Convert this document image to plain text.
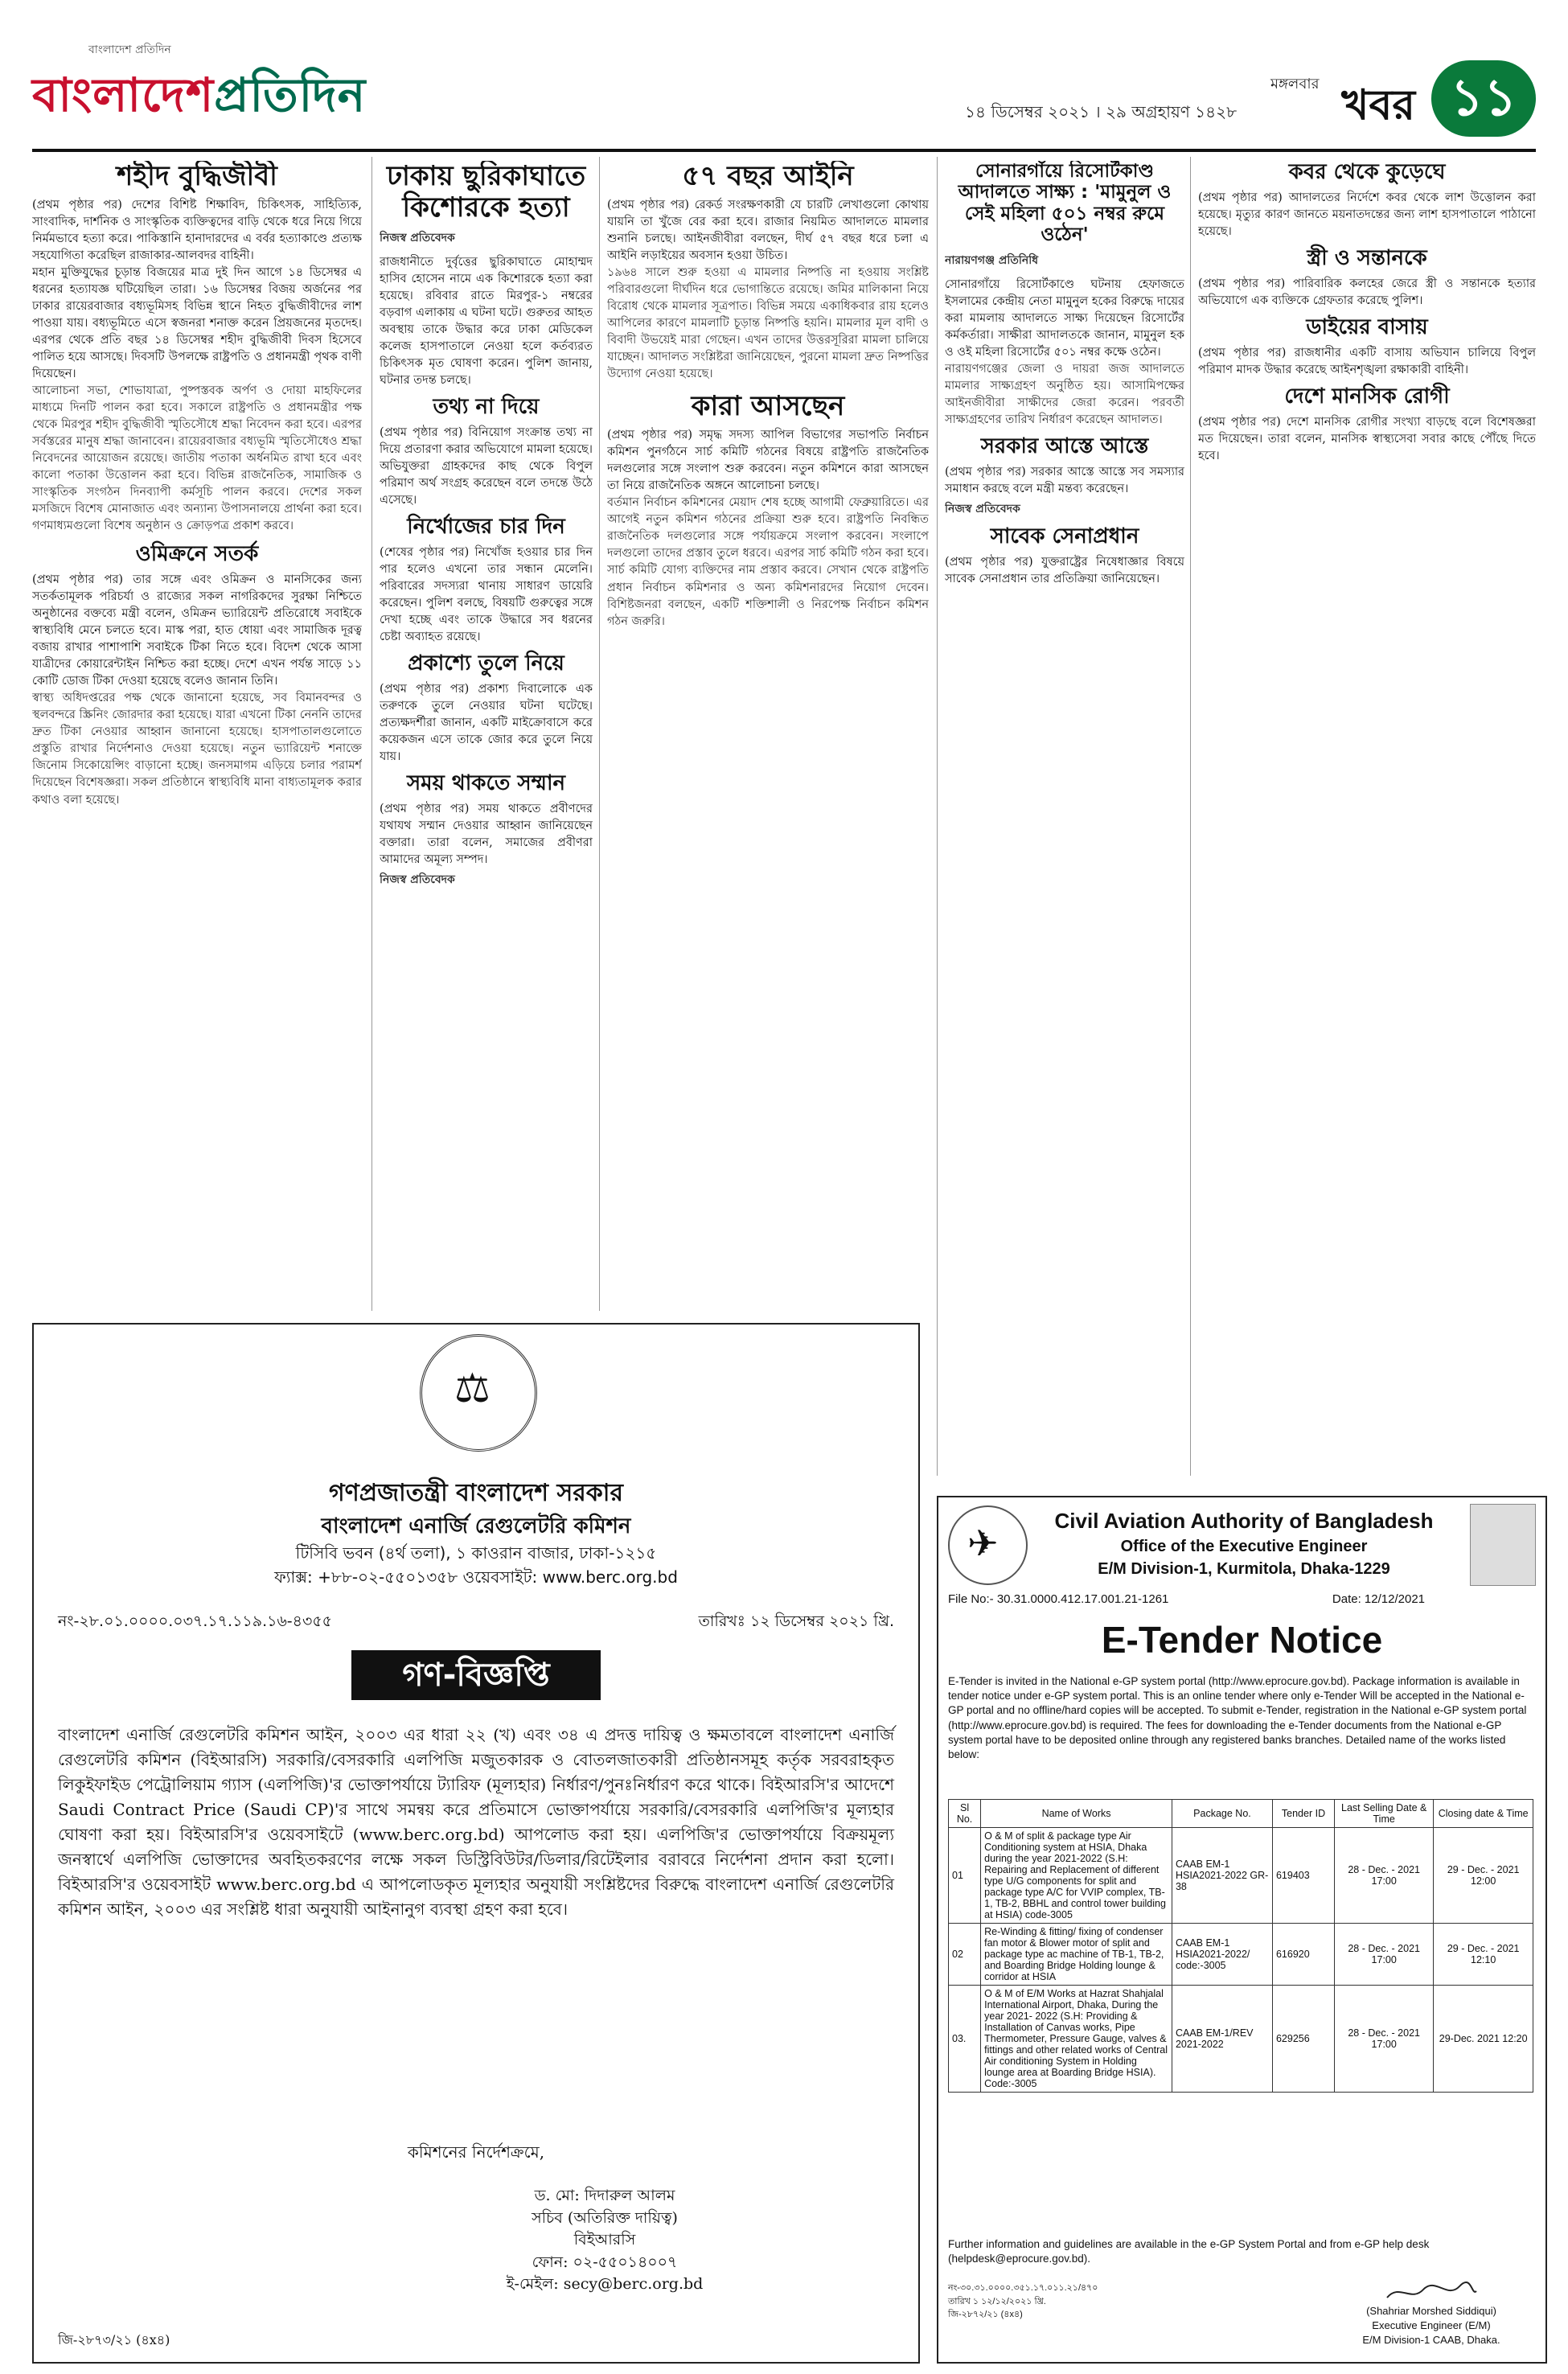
বাংলাদেশ প্রতিদিন
বাংলাদেশপ্রতিদিন	মঙ্গলবার
১৪ ডিসেম্বর ২০২১ । ২৯ অগ্রহায়ণ ১৪২৮	খবর ১১
শহীদ বুদ্ধিজীবী

(প্রথম পৃষ্ঠার পর) দেশের বিশিষ্ট শিক্ষাবিদ, চিকিৎসক, সাহিত্যিক, সাংবাদিক, দার্শনিক ও সাংস্কৃতিক ব্যক্তিত্বদের বাড়ি থেকে ধরে নিয়ে গিয়ে নির্মমভাবে হত্যা করে। পাকিস্তানি হানাদারদের এ বর্বর হত্যাকাণ্ডে প্রত্যক্ষ সহযোগিতা করেছিল রাজাকার-আলবদর বাহিনী।

মহান মুক্তিযুদ্ধের চূড়ান্ত বিজয়ের মাত্র দুই দিন আগে ১৪ ডিসেম্বর এ ধরনের হত্যাযজ্ঞ ঘটিয়েছিল তারা। ১৬ ডিসেম্বর বিজয় অর্জনের পর ঢাকার রায়েরবাজার বধ্যভূমিসহ বিভিন্ন স্থানে নিহত বুদ্ধিজীবীদের লাশ পাওয়া যায়। বধ্যভূমিতে এসে স্বজনরা শনাক্ত করেন প্রিয়জনের মৃতদেহ। এরপর থেকে প্রতি বছর ১৪ ডিসেম্বর শহীদ বুদ্ধিজীবী দিবস হিসেবে পালিত হয়ে আসছে। দিবসটি উপলক্ষে রাষ্ট্রপতি ও প্রধানমন্ত্রী পৃথক বাণী দিয়েছেন।

আলোচনা সভা, শোভাযাত্রা, পুষ্পস্তবক অর্পণ ও দোয়া মাহফিলের মাধ্যমে দিনটি পালন করা হবে। সকালে রাষ্ট্রপতি ও প্রধানমন্ত্রীর পক্ষ থেকে মিরপুর শহীদ বুদ্ধিজীবী স্মৃতিসৌধে শ্রদ্ধা নিবেদন করা হবে। এরপর সর্বস্তরের মানুষ শ্রদ্ধা জানাবেন। রায়েরবাজার বধ্যভূমি স্মৃতিসৌধেও শ্রদ্ধা নিবেদনের আয়োজন রয়েছে। জাতীয় পতাকা অর্ধনমিত রাখা হবে এবং কালো পতাকা উত্তোলন করা হবে। বিভিন্ন রাজনৈতিক, সামাজিক ও সাংস্কৃতিক সংগঠন দিনব্যাপী কর্মসূচি পালন করবে। দেশের সকল মসজিদে বিশেষ মোনাজাত এবং অন্যান্য উপাসনালয়ে প্রার্থনা করা হবে। গণমাধ্যমগুলো বিশেষ অনুষ্ঠান ও ক্রোড়পত্র প্রকাশ করবে।

ওমিক্রনে সতর্ক

(প্রথম পৃষ্ঠার পর) তার সঙ্গে এবং ওমিক্রন ও মানসিকের জন্য সতর্কতামূলক পরিচর্যা ও রাজ্যের সকল নাগরিকদের সুরক্ষা নিশ্চিতে অনুষ্ঠানের বক্তব্যে মন্ত্রী বলেন, ওমিক্রন ভ্যারিয়েন্ট প্রতিরোধে সবাইকে স্বাস্থ্যবিধি মেনে চলতে হবে। মাস্ক পরা, হাত ধোয়া এবং সামাজিক দূরত্ব বজায় রাখার পাশাপাশি সবাইকে টিকা নিতে হবে। বিদেশ থেকে আসা যাত্রীদের কোয়ারেন্টাইন নিশ্চিত করা হচ্ছে। দেশে এখন পর্যন্ত সাড়ে ১১ কোটি ডোজ টিকা দেওয়া হয়েছে বলেও জানান তিনি।

স্বাস্থ্য অধিদপ্তরের পক্ষ থেকে জানানো হয়েছে, সব বিমানবন্দর ও স্থলবন্দরে স্ক্রিনিং জোরদার করা হয়েছে। যারা এখনো টিকা নেননি তাদের দ্রুত টিকা নেওয়ার আহ্বান জানানো হয়েছে। হাসপাতালগুলোতে প্রস্তুতি রাখার নির্দেশনাও দেওয়া হয়েছে। নতুন ভ্যারিয়েন্ট শনাক্তে জিনোম সিকোয়েন্সিং বাড়ানো হচ্ছে। জনসমাগম এড়িয়ে চলার পরামর্শ দিয়েছেন বিশেষজ্ঞরা। সকল প্রতিষ্ঠানে স্বাস্থ্যবিধি মানা বাধ্যতামূলক করার কথাও বলা হয়েছে।

ঢাকায় ছুরিকাঘাতে কিশোরকে হত্যা
নিজস্ব প্রতিবেদক

রাজধানীতে দুর্বৃত্তের ছুরিকাঘাতে মোহাম্মদ হাসিব হোসেন নামে এক কিশোরকে হত্যা করা হয়েছে। রবিবার রাতে মিরপুর-১ নম্বরের বড়বাগ এলাকায় এ ঘটনা ঘটে। গুরুতর আহত অবস্থায় তাকে উদ্ধার করে ঢাকা মেডিকেল কলেজ হাসপাতালে নেওয়া হলে কর্তব্যরত চিকিৎসক মৃত ঘোষণা করেন। পুলিশ জানায়, ঘটনার তদন্ত চলছে।

তথ্য না দিয়ে

(প্রথম পৃষ্ঠার পর) বিনিয়োগ সংক্রান্ত তথ্য না দিয়ে প্রতারণা করার অভিযোগে মামলা হয়েছে। অভিযুক্তরা গ্রাহকদের কাছ থেকে বিপুল পরিমাণ অর্থ সংগ্রহ করেছেন বলে তদন্তে উঠে এসেছে।

নির্খোজের চার দিন

(শেষের পৃষ্ঠার পর) নিখোঁজ হওয়ার চার দিন পার হলেও এখনো তার সন্ধান মেলেনি। পরিবারের সদস্যরা থানায় সাধারণ ডায়েরি করেছেন। পুলিশ বলছে, বিষয়টি গুরুত্বের সঙ্গে দেখা হচ্ছে এবং তাকে উদ্ধারে সব ধরনের চেষ্টা অব্যাহত রয়েছে।

প্রকাশ্যে তুলে নিয়ে

(প্রথম পৃষ্ঠার পর) প্রকাশ্য দিবালোকে এক তরুণকে তুলে নেওয়ার ঘটনা ঘটেছে। প্রত্যক্ষদর্শীরা জানান, একটি মাইক্রোবাসে করে কয়েকজন এসে তাকে জোর করে তুলে নিয়ে যায়।

সময় থাকতে সম্মান

(প্রথম পৃষ্ঠার পর) সময় থাকতে প্রবীণদের যথাযথ সম্মান দেওয়ার আহ্বান জানিয়েছেন বক্তারা। তারা বলেন, সমাজের প্রবীণরা আমাদের অমূল্য সম্পদ।

নিজস্ব প্রতিবেদক
৫৭ বছর আইনি

(প্রথম পৃষ্ঠার পর) রেকর্ড সংরক্ষণকারী যে চারটি লেখাগুলো কোথায় যায়নি তা খুঁজে বের করা হবে। রাজার নিয়মিত আদালতে মামলার শুনানি চলছে। আইনজীবীরা বলছেন, দীর্ঘ ৫৭ বছর ধরে চলা এ আইনি লড়াইয়ের অবসান হওয়া উচিত।

১৯৬৪ সালে শুরু হওয়া এ মামলার নিষ্পত্তি না হওয়ায় সংশ্লিষ্ট পরিবারগুলো দীর্ঘদিন ধরে ভোগান্তিতে রয়েছে। জমির মালিকানা নিয়ে বিরোধ থেকে মামলার সূত্রপাত। বিভিন্ন সময়ে একাধিকবার রায় হলেও আপিলের কারণে মামলাটি চূড়ান্ত নিষ্পত্তি হয়নি। মামলার মূল বাদী ও বিবাদী উভয়েই মারা গেছেন। এখন তাদের উত্তরসূরিরা মামলা চালিয়ে যাচ্ছেন। আদালত সংশ্লিষ্টরা জানিয়েছেন, পুরনো মামলা দ্রুত নিষ্পত্তির উদ্যোগ নেওয়া হয়েছে।

কারা আসছেন

(প্রথম পৃষ্ঠার পর) সমৃদ্ধ সদস্য আপিল বিভাগের সভাপতি নির্বাচন কমিশন পুনর্গঠনে সার্চ কমিটি গঠনের বিষয়ে রাষ্ট্রপতি রাজনৈতিক দলগুলোর সঙ্গে সংলাপ শুরু করবেন। নতুন কমিশনে কারা আসছেন তা নিয়ে রাজনৈতিক অঙ্গনে আলোচনা চলছে।

বর্তমান নির্বাচন কমিশনের মেয়াদ শেষ হচ্ছে আগামী ফেব্রুয়ারিতে। এর আগেই নতুন কমিশন গঠনের প্রক্রিয়া শুরু হবে। রাষ্ট্রপতি নিবন্ধিত রাজনৈতিক দলগুলোর সঙ্গে পর্যায়ক্রমে সংলাপ করবেন। সংলাপে দলগুলো তাদের প্রস্তাব তুলে ধরবে। এরপর সার্চ কমিটি গঠন করা হবে। সার্চ কমিটি যোগ্য ব্যক্তিদের নাম প্রস্তাব করবে। সেখান থেকে রাষ্ট্রপতি প্রধান নির্বাচন কমিশনার ও অন্য কমিশনারদের নিয়োগ দেবেন। বিশিষ্টজনরা বলছেন, একটি শক্তিশালী ও নিরপেক্ষ নির্বাচন কমিশন গঠন জরুরি।

সোনারগাঁয়ে রিসোর্টকাণ্ড আদালতে সাক্ষ্য : 'মামুনুল ও সেই মহিলা ৫০১ নম্বর রুমে ওঠেন'
নারায়ণগঞ্জ প্রতিনিধি

সোনারগাঁয়ে রিসোর্টকাণ্ডে ঘটনায় হেফাজতে ইসলামের কেন্দ্রীয় নেতা মামুনুল হকের বিরুদ্ধে দায়ের করা মামলায় আদালতে সাক্ষ্য দিয়েছেন রিসোর্টের কর্মকর্তারা। সাক্ষীরা আদালতকে জানান, মামুনুল হক ও ওই মহিলা রিসোর্টের ৫০১ নম্বর কক্ষে ওঠেন।

নারায়ণগঞ্জের জেলা ও দায়রা জজ আদালতে মামলার সাক্ষ্যগ্রহণ অনুষ্ঠিত হয়। আসামিপক্ষের আইনজীবীরা সাক্ষীদের জেরা করেন। পরবর্তী সাক্ষ্যগ্রহণের তারিখ নির্ধারণ করেছেন আদালত।

সরকার আস্তে আস্তে

(প্রথম পৃষ্ঠার পর) সরকার আস্তে আস্তে সব সমস্যার সমাধান করছে বলে মন্ত্রী মন্তব্য করেছেন।

নিজস্ব প্রতিবেদক
সাবেক সেনাপ্রধান

(প্রথম পৃষ্ঠার পর) যুক্তরাষ্ট্রের নিষেধাজ্ঞার বিষয়ে সাবেক সেনাপ্রধান তার প্রতিক্রিয়া জানিয়েছেন।

কবর থেকে কুড়েঘে

(প্রথম পৃষ্ঠার পর) আদালতের নির্দেশে কবর থেকে লাশ উত্তোলন করা হয়েছে। মৃত্যুর কারণ জানতে ময়নাতদন্তের জন্য লাশ হাসপাতালে পাঠানো হয়েছে।

স্ত্রী ও সন্তানকে

(প্রথম পৃষ্ঠার পর) পারিবারিক কলহের জেরে স্ত্রী ও সন্তানকে হত্যার অভিযোগে এক ব্যক্তিকে গ্রেফতার করেছে পুলিশ।

ডাইয়ের বাসায়

(প্রথম পৃষ্ঠার পর) রাজধানীর একটি বাসায় অভিযান চালিয়ে বিপুল পরিমাণ মাদক উদ্ধার করেছে আইনশৃঙ্খলা রক্ষাকারী বাহিনী।

দেশে মানসিক রোগী

(প্রথম পৃষ্ঠার পর) দেশে মানসিক রোগীর সংখ্যা বাড়ছে বলে বিশেষজ্ঞরা মত দিয়েছেন। তারা বলেন, মানসিক স্বাস্থ্যসেবা সবার কাছে পৌঁছে দিতে হবে।

⚖
গণপ্রজাতন্ত্রী বাংলাদেশ সরকার
বাংলাদেশ এনার্জি রেগুলেটরি কমিশন
টিসিবি ভবন (৪র্থ তলা), ১ কাওরান বাজার, ঢাকা-১২১৫
ফ্যাক্স: +৮৮-০২-৫৫০১৩৫৮ ওয়েবসাইট: www.berc.org.bd
নং-২৮.০১.০০০০.০৩৭.১৭.১১৯.১৬-৪৩৫৫	তারিখঃ ১২ ডিসেম্বর ২০২১ খ্রি.
গণ-বিজ্ঞপ্তি
বাংলাদেশ এনার্জি রেগুলেটরি কমিশন আইন, ২০০৩ এর ধারা ২২ (খ) এবং ৩৪ এ প্রদত্ত দায়িত্ব ও ক্ষমতাবলে বাংলাদেশ এনার্জি রেগুলেটরি কমিশন (বিইআরসি) সরকারি/বেসরকারি এলপিজি মজুতকারক ও বোতলজাতকারী প্রতিষ্ঠানসমূহ কর্তৃক সরবরাহকৃত লিকুইফাইড পেট্রোলিয়াম গ্যাস (এলপিজি)'র ভোক্তাপর্যায়ে ট্যারিফ (মূল্যহার) নির্ধারণ/পুনঃনির্ধারণ করে থাকে। বিইআরসি'র আদেশে Saudi Contract Price (Saudi CP)'র সাথে সমন্বয় করে প্রতিমাসে ভোক্তাপর্যায়ে সরকারি/বেসরকারি এলপিজি'র মূল্যহার ঘোষণা করা হয়। বিইআরসি'র ওয়েবসাইটে (www.berc.org.bd) আপলোড করা হয়। এলপিজি'র ভোক্তাপর্যায়ে বিক্রয়মূল্য জনস্বার্থে এলপিজি ভোক্তাদের অবহিতকরণের লক্ষে সকল ডিস্ট্রিবিউটর/ডিলার/রিটেইলার বরাবরে নির্দেশনা প্রদান করা হলো। বিইআরসি'র ওয়েবসাইট www.berc.org.bd এ আপলোডকৃত মূল্যহার অনুযায়ী সংশ্লিষ্টদের বিরুদ্ধে বাংলাদেশ এনার্জি রেগুলেটরি কমিশন আইন, ২০০৩ এর সংশ্লিষ্ট ধারা অনুযায়ী আইনানুগ ব্যবস্থা গ্রহণ করা হবে।
কমিশনের নির্দেশক্রমে,
ড. মো: দিদারুল আলম
সচিব (অতিরিক্ত দায়িত্ব)
বিইআরসি
ফোন: ০২-৫৫০১৪০০৭
ই-মেইল: secy@berc.org.bd
জি-২৮৭৩/২১ (৪x৪)
✈
Civil Aviation Authority of Bangladesh
Office of the Executive Engineer
E/M Division-1, Kurmitola, Dhaka-1229
File No:- 30.31.0000.412.17.001.21-1261	Date: 12/12/2021
E-Tender Notice
E-Tender is invited in the National e-GP system portal (http://www.eprocure.gov.bd). Package information is available in tender notice under e-GP system portal. This is an online tender where only e-Tender Will be accepted in the National e-GP portal and no offline/hard copies will be accepted. To submit e-Tender, registration in the National e-GP system portal (http://www.eprocure.gov.bd) is required. The fees for downloading the e-Tender documents from the National e-GP system portal have to be deposited online through any registered banks branches. Detailed name of the works listed below:
Sl No.	Name of Works	Package No.	Tender ID	Last Selling Date & Time	Closing date & Time
01	O & M of split & package type Air Conditioning system at HSIA, Dhaka during the year 2021-2022 (S.H: Repairing and Replacement of different type U/G components for split and package type A/C for VVIP complex, TB-1, TB-2, BBHL and control tower building at HSIA) code-3005	CAAB EM-1 HSIA2021-2022 GR-38	619403	28 - Dec. - 2021 17:00	29 - Dec. - 2021 12:00
02	Re-Winding & fitting/ fixing of condenser fan motor & Blower motor of split and package type ac machine of TB-1, TB-2, and Boarding Bridge Holding lounge & corridor at HSIA	CAAB EM-1 HSIA2021-2022/ code:-3005	616920	28 - Dec. - 2021 17:00	29 - Dec. - 2021 12:10
03.	O & M of E/M Works at Hazrat Shahjalal International Airport, Dhaka, During the year 2021- 2022 (S.H: Providing & Installation of Canvas works, Pipe Thermometer, Pressure Gauge, valves & fittings and other related works of Central Air conditioning System in Holding lounge area at Boarding Bridge HSIA). Code:-3005	CAAB EM-1/REV 2021-2022	629256	28 - Dec. - 2021 17:00	29-Dec. 2021 12:20
Further information and guidelines are available in the e-GP System Portal and from e-GP help desk (helpdesk@eprocure.gov.bd).
নং-৩০.৩১.০০০০.৩৫১.১৭.০১১.২১/৪৭০
তারিখ ১ ১২/১২/২০২১ খ্রি.
জি-২৮৭২/২১ (৪x৪)	(Shahriar Morshed Siddiqui)
Executive Engineer (E/M)
E/M Division-1 CAAB, Dhaka.
